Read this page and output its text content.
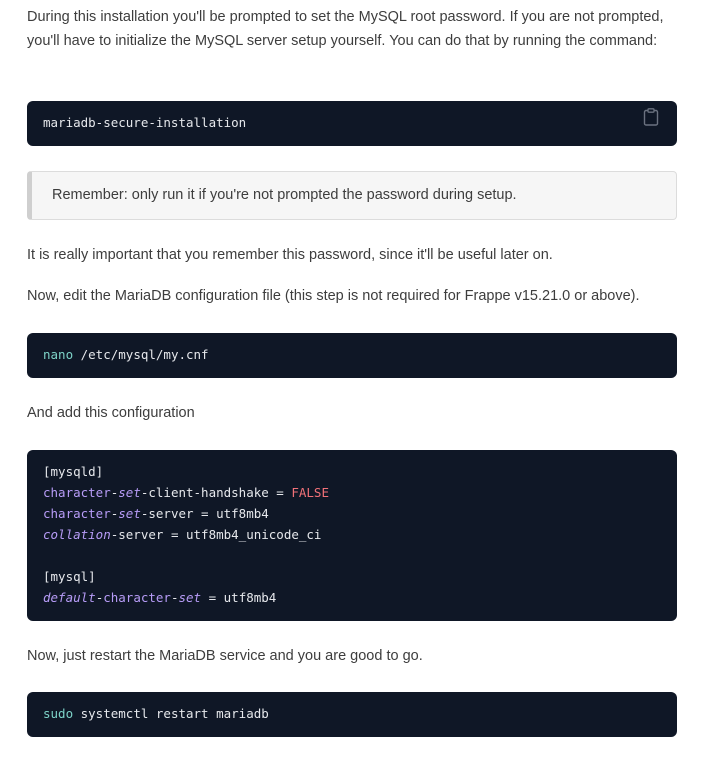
During this installation you'll be prompted to set the MySQL root password. If you are not prompted, you'll have to initialize the MySQL server setup yourself. You can do that by running the command:

mariadb-secure-installation
Remember: only run it if you're not prompted the password during setup.

It is really important that you remember this password, since it'll be useful later on.

Now, edit the MariaDB configuration file (this step is not required for Frappe v15.21.0 or above).

nano /etc/mysql/my.cnf

And add this configuration

[mysqld]
character-set-client-handshake = FALSE
character-set-server = utf8mb4
collation-server = utf8mb4_unicode_ci

[mysql]
default-character-set = utf8mb4

Now, just restart the MariaDB service and you are good to go.

sudo systemctl restart mariadb
